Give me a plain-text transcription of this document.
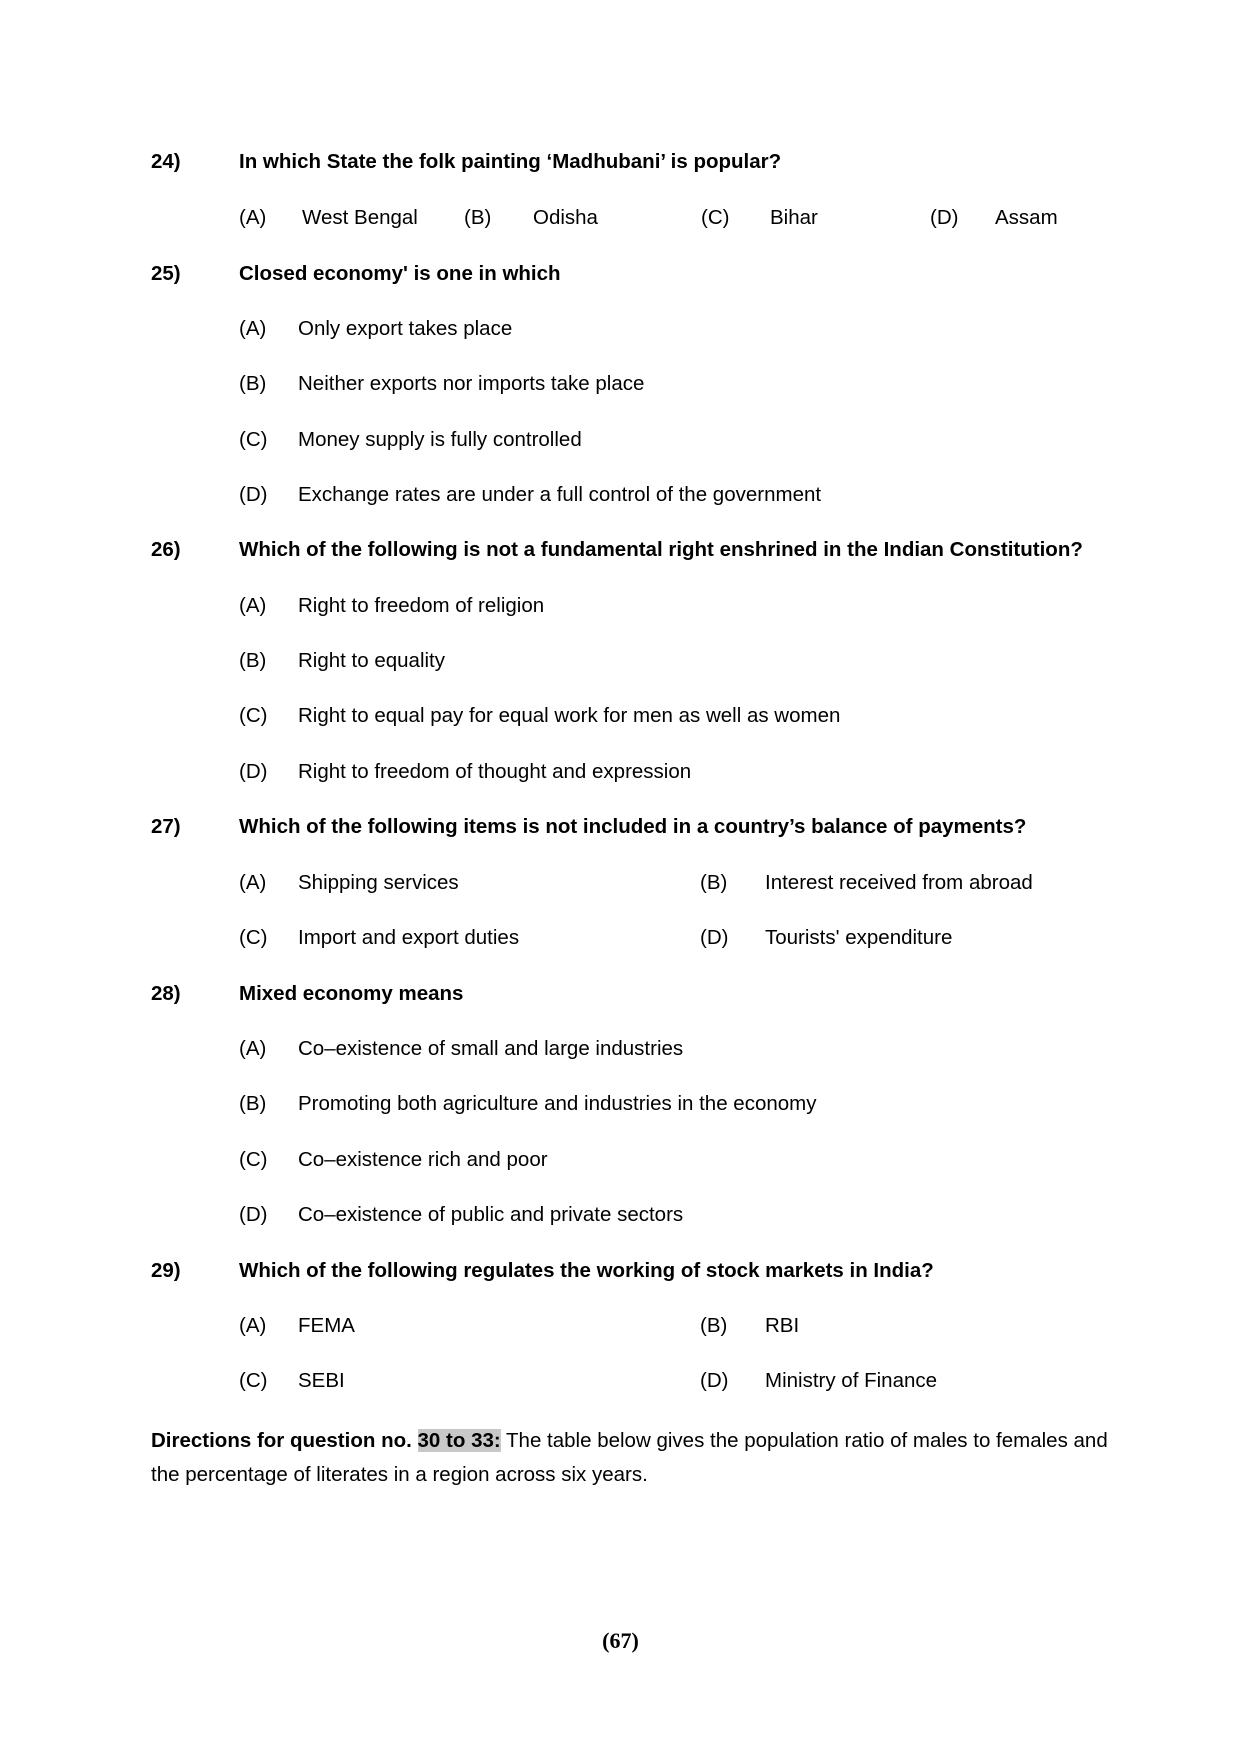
24)	In which State the folk painting ‘Madhubani’ is popular?
(A) West Bengal (B) Odisha	(C) Bihar	(D) Assam
25)	Closed economy' is one in which
(A) Only export takes place
(B) Neither exports nor imports take place
(C) Money supply is fully controlled
(D) Exchange rates are under a full control of the government
26)	Which of the following is not a fundamental right enshrined in the Indian Constitution?
(A) Right to freedom of religion
(B) Right to equality
(C) Right to equal pay for equal work for men as well as women
(D) Right to freedom of thought and expression
27)	Which of the following items is not included in a country’s balance of payments?
(A) Shipping services	(B) Interest received from abroad
(C) Import and export duties	(D) Tourists' expenditure
28)	Mixed economy means
(A) Co–existence of small and large industries
(B) Promoting both agriculture and industries in the economy
(C) Co–existence rich and poor
(D) Co–existence of public and private sectors
29)	Which of the following regulates the working of stock markets in India?
(A) FEMA	(B) RBI
(C) SEBI	(D) Ministry of Finance
Directions for question no. 30 to 33: The table below gives the population ratio of males to females and the percentage of literates in a region across six years.
(67)
